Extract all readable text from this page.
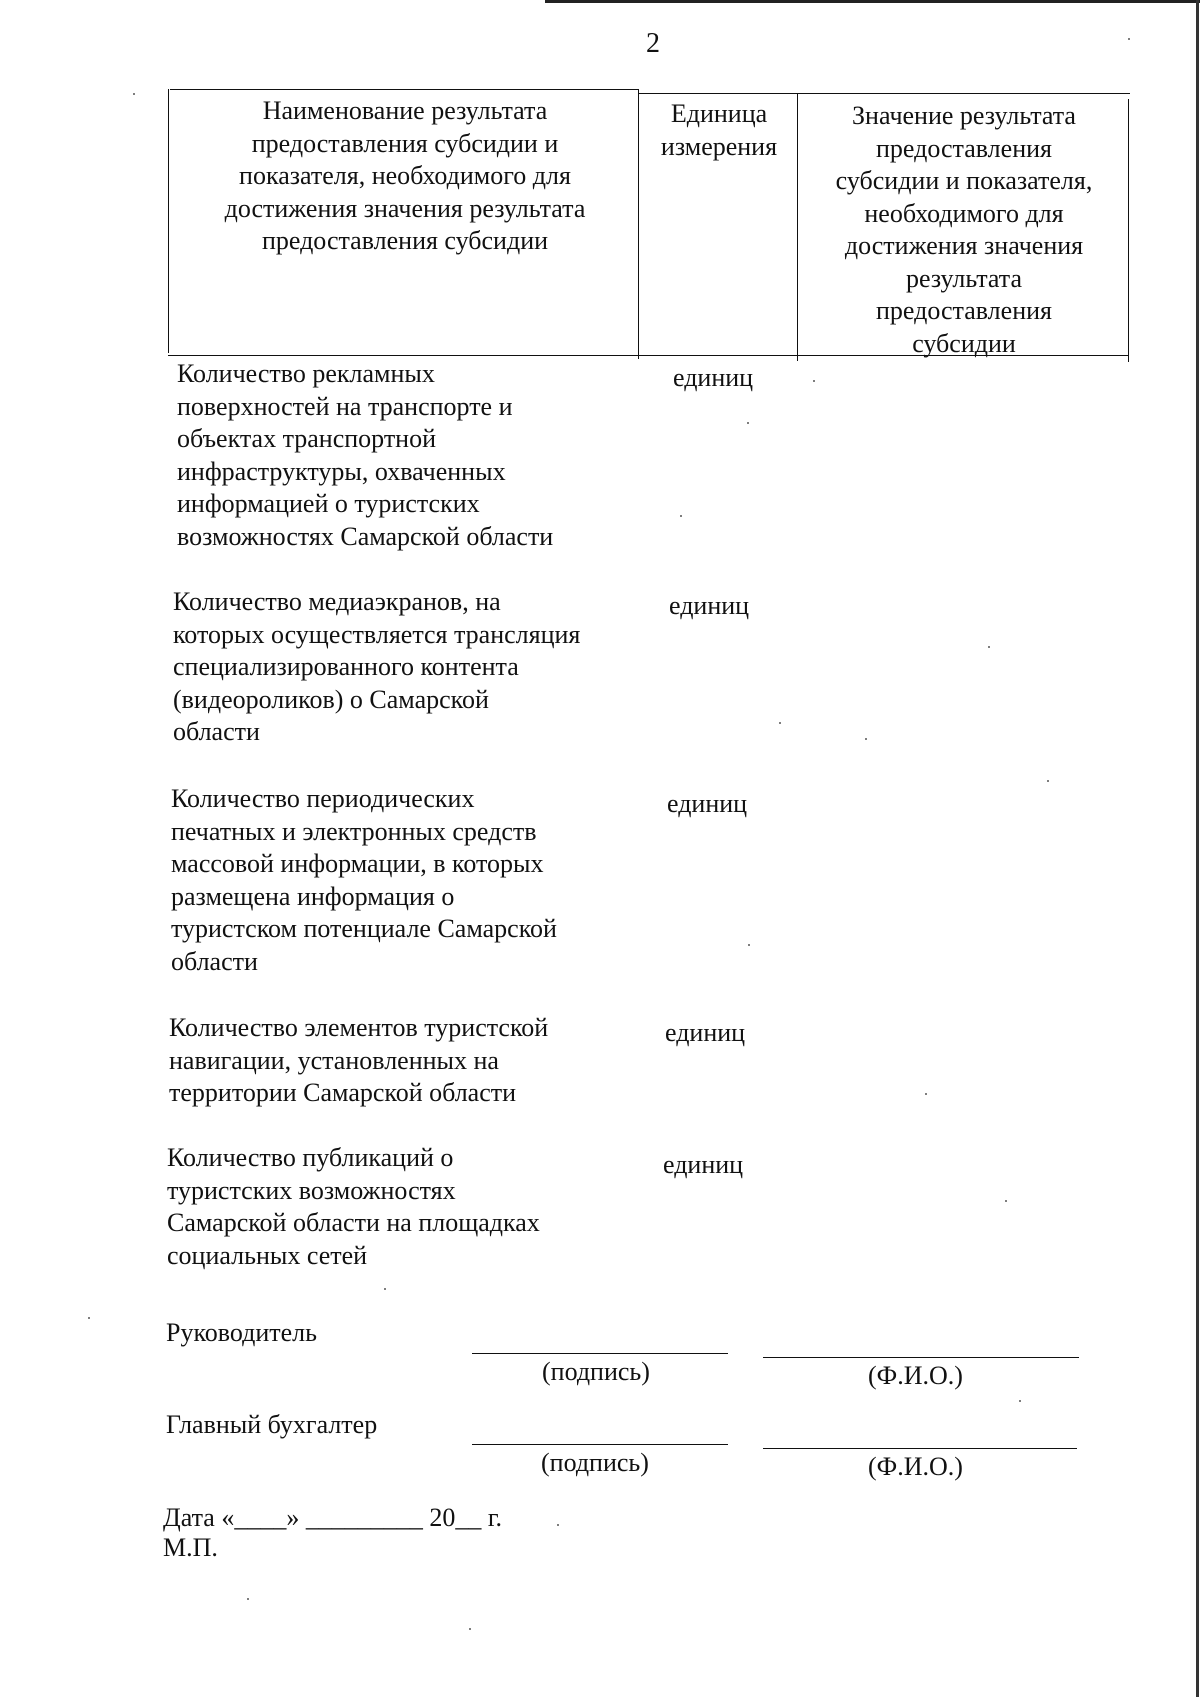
2
Наименование результата
предоставления субсидии и
показателя, необходимого для
достижения значения результата
предоставления субсидии
Единица
измерения
Значение результата
предоставления
субсидии и показателя,
необходимого для
достижения значения
результата
предоставления
субсидии
Количество рекламных
поверхностей на транспорте и
объектах транспортной
инфраструктуры, охваченных
информацией о туристских
возможностях Самарской области
единиц
Количество медиаэкранов, на
которых осуществляется трансляция
специализированного контента
(видеороликов) о Самарской
области
единиц
Количество периодических
печатных и электронных средств
массовой информации, в которых
размещена информация о
туристском потенциале Самарской
области
единиц
Количество элементов туристской
навигации, установленных на
территории Самарской области
единиц
Количество публикаций о
туристских возможностях
Самарской области на площадках
социальных сетей
единиц
Руководитель
(подпись)	(Ф.И.О.)
Главный бухгалтер
(подпись)	(Ф.И.О.)
Дата «____» _________ 20__ г.
М.П.
